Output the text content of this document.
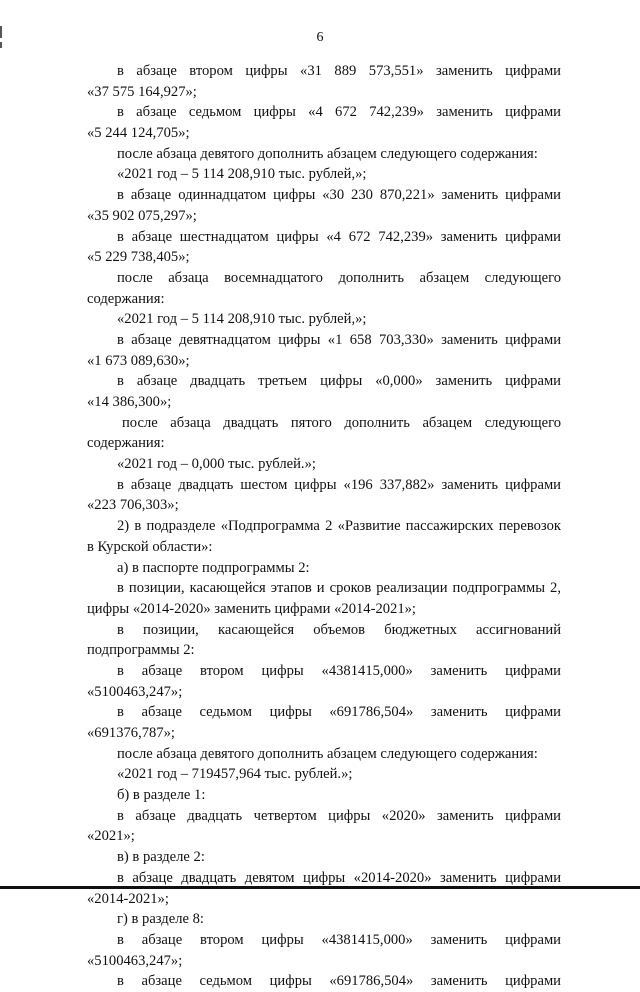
6
в абзаце втором цифры «31 889 573,551» заменить цифрами
«37 575 164,927»;
в абзаце седьмом цифры «4 672 742,239» заменить цифрами
«5 244 124,705»;
после абзаца девятого дополнить абзацем следующего содержания:
«2021 год – 5 114 208,910 тыс. рублей,»;
в абзаце одиннадцатом цифры «30 230 870,221» заменить цифрами
«35 902 075,297»;
в абзаце шестнадцатом цифры «4 672 742,239» заменить цифрами
«5 229 738,405»;
после абзаца восемнадцатого дополнить абзацем следующего
содержания:
«2021 год – 5 114 208,910 тыс. рублей,»;
в абзаце девятнадцатом цифры «1 658 703,330» заменить цифрами
«1 673 089,630»;
в абзаце двадцать третьем цифры «0,000» заменить цифрами
«14 386,300»;
после абзаца двадцать пятого дополнить абзацем следующего
содержания:
«2021 год – 0,000 тыс. рублей.»;
в абзаце двадцать шестом цифры «196 337,882» заменить цифрами
«223 706,303»;
2) в подразделе «Подпрограмма 2 «Развитие пассажирских перевозок
в Курской области»:
а) в паспорте подпрограммы 2:
в позиции, касающейся этапов и сроков реализации подпрограммы 2,
цифры «2014-2020» заменить цифрами «2014-2021»;
в позиции, касающейся объемов бюджетных ассигнований
подпрограммы 2:
в абзаце втором цифры «4381415,000» заменить цифрами
«5100463,247»;
в абзаце седьмом цифры «691786,504» заменить цифрами
«691376,787»;
после абзаца девятого дополнить абзацем следующего содержания:
«2021 год – 719457,964 тыс. рублей.»;
б) в разделе 1:
в абзаце двадцать четвертом цифры «2020» заменить цифрами
«2021»;
в) в разделе 2:
в абзаце двадцать девятом цифры «2014-2020» заменить цифрами
«2014-2021»;
г) в разделе 8:
в абзаце втором цифры «4381415,000» заменить цифрами
«5100463,247»;
в абзаце седьмом цифры «691786,504» заменить цифрами
